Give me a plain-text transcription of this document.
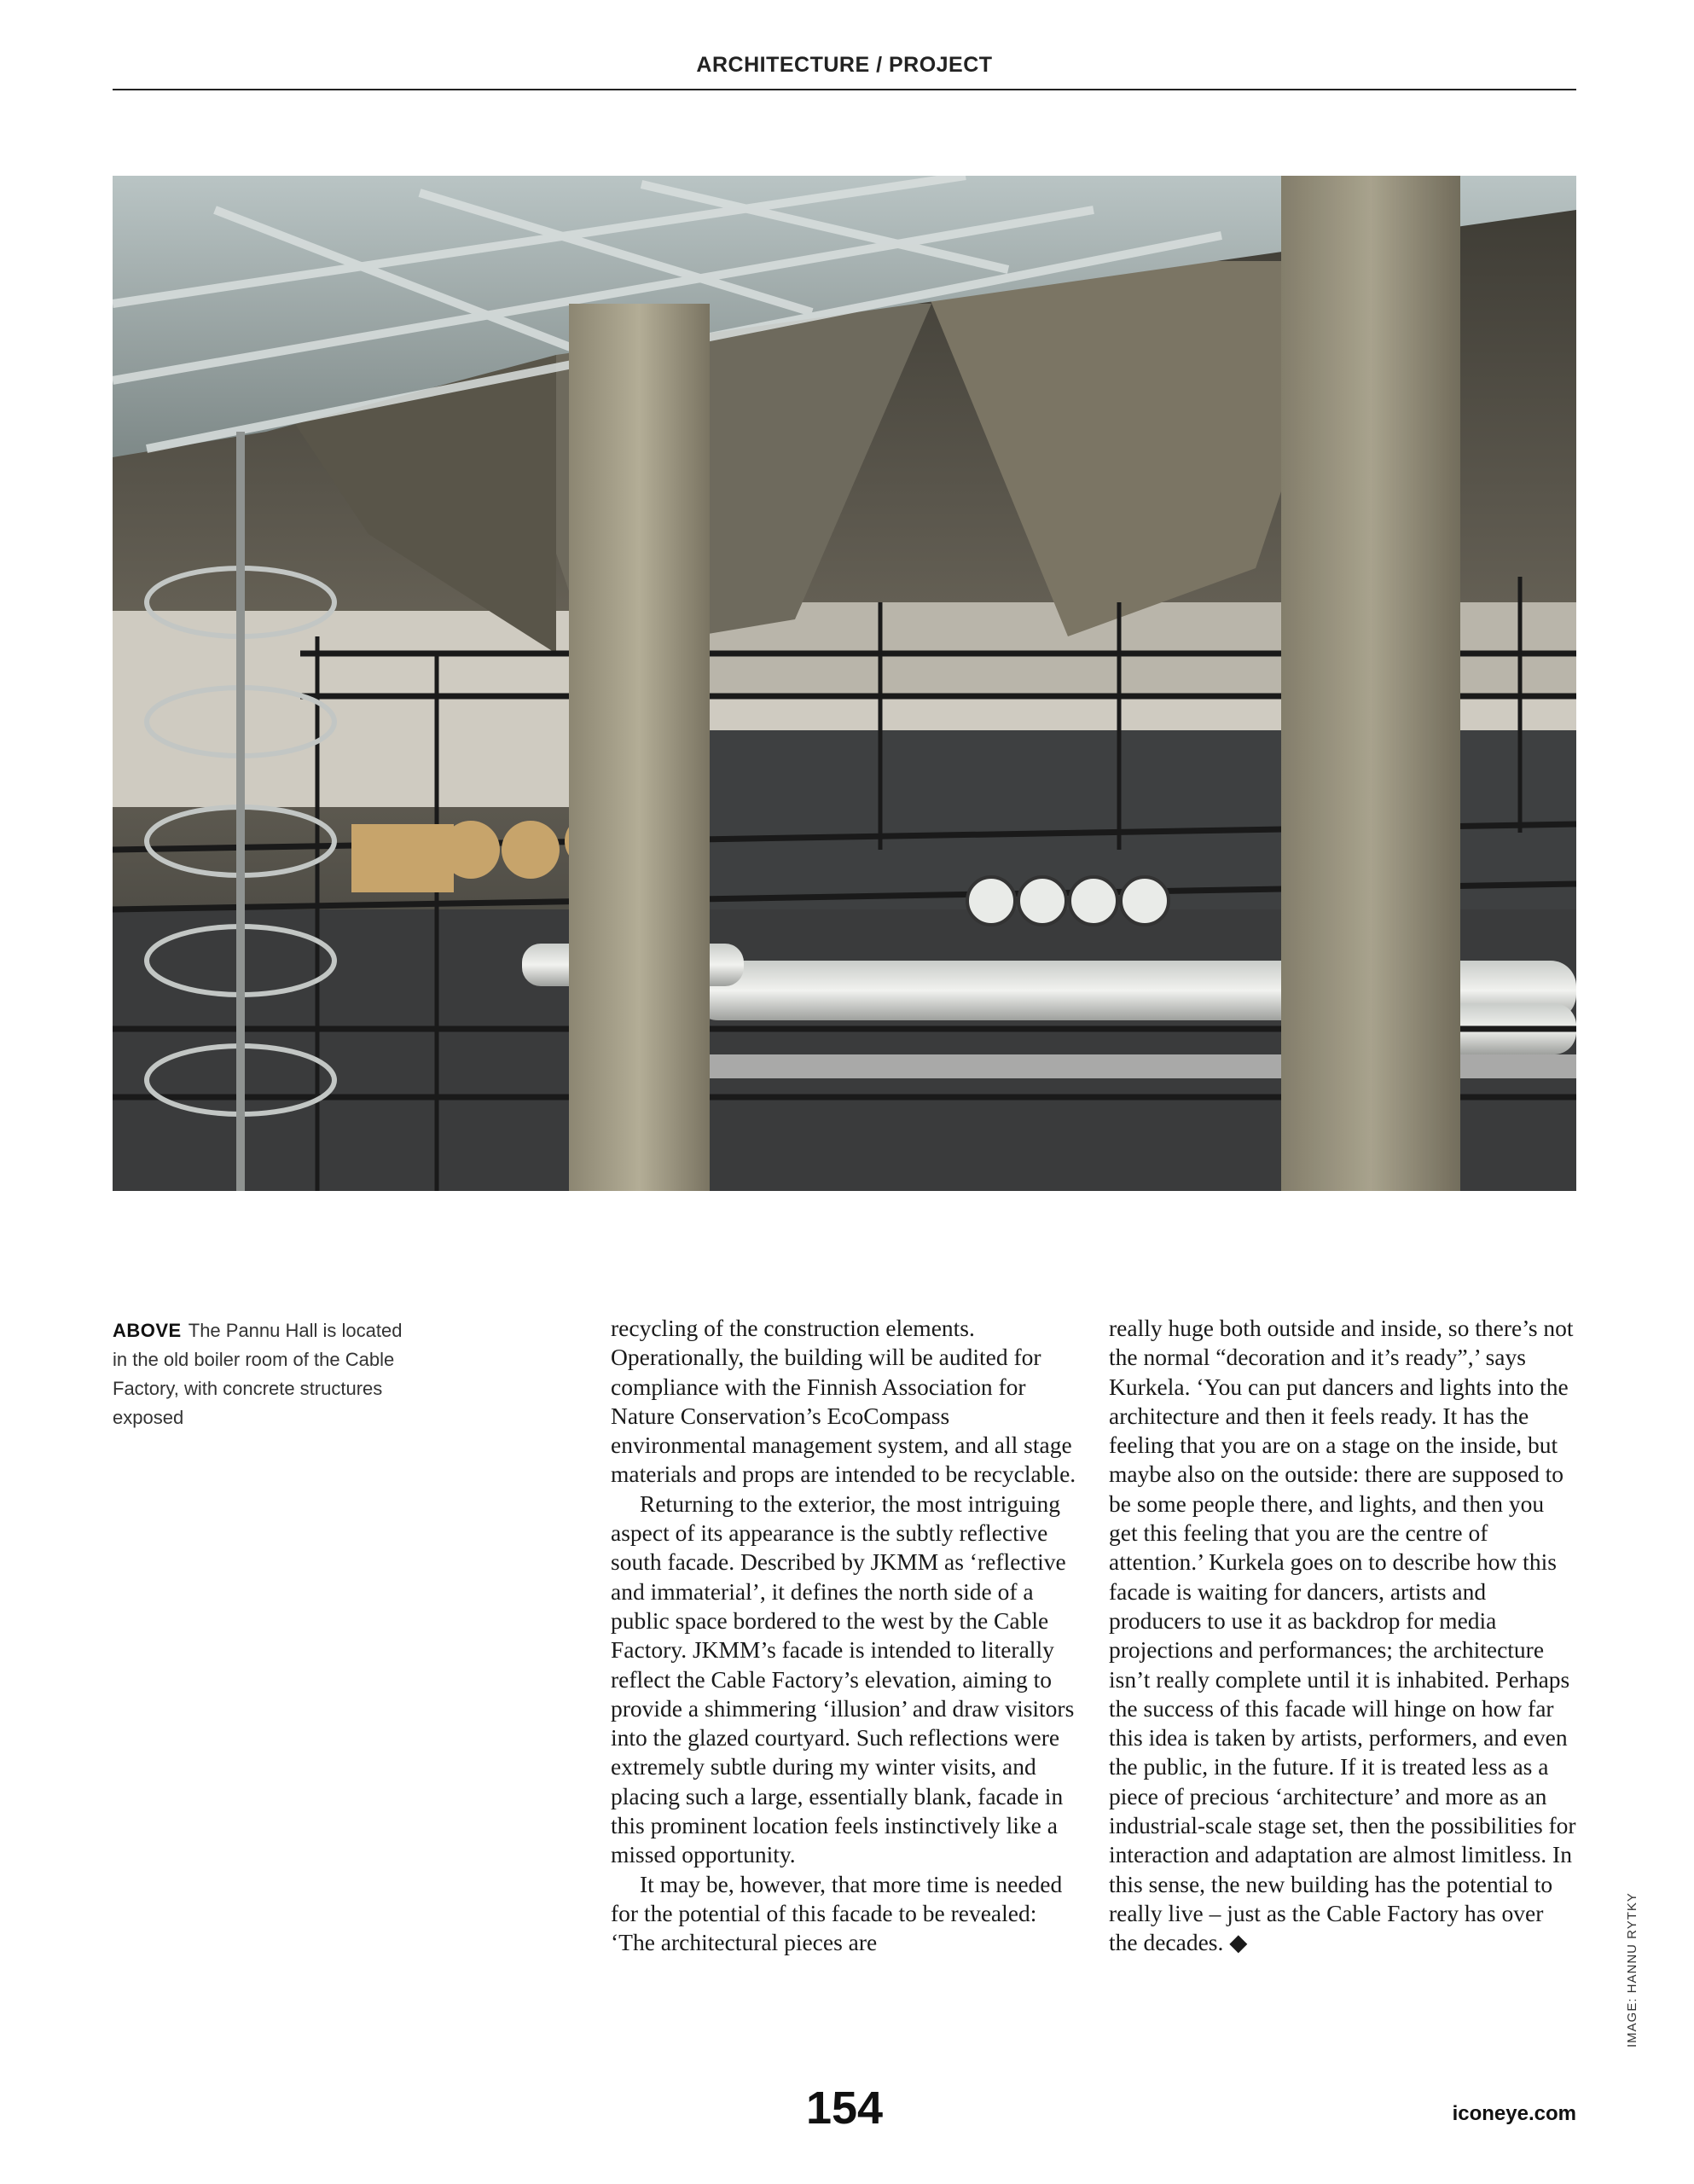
ARCHITECTURE / PROJECT
ABOVE The Pannu Hall is located in the old boiler room of the Cable Factory, with concrete structures exposed

recycling of the construction elements. Operationally, the building will be audited for compliance with the Finnish Association for Nature Conservation’s EcoCompass environmental management system, and all stage materials and props are intended to be recyclable.

Returning to the exterior, the most intriguing aspect of its appearance is the subtly reflective south facade. Described by JKMM as ‘reflective and immaterial’, it defines the north side of a public space bordered to the west by the Cable Factory. JKMM’s facade is intended to literally reflect the Cable Factory’s elevation, aiming to provide a shimmering ‘illusion’ and draw visitors into the glazed courtyard. Such reflections were extremely subtle during my winter visits, and placing such a large, essentially blank, facade in this prominent location feels instinctively like a missed opportunity.

It may be, however, that more time is needed for the potential of this facade to be revealed: ‘The architectural pieces are

really huge both outside and inside, so there’s not the normal “decoration and it’s ready”,’ says Kurkela. ‘You can put dancers and lights into the architecture and then it feels ready. It has the feeling that you are on a stage on the inside, but maybe also on the outside: there are supposed to be some people there, and lights, and then you get this feeling that you are the centre of attention.’ Kurkela goes on to describe how this facade is waiting for dancers, artists and producers to use it as backdrop for media projections and performances; the architecture isn’t really complete until it is inhabited. Perhaps the success of this facade will hinge on how far this idea is taken by artists, performers, and even the public, in the future. If it is treated less as a piece of precious ‘architecture’ and more as an industrial-scale stage set, then the possibilities for interaction and adaptation are almost limitless. In this sense, the new building has the potential to really live – just as the Cable Factory has over the decades. ◆	IMAGE: HANNU RYTKY
154	iconeye.com
